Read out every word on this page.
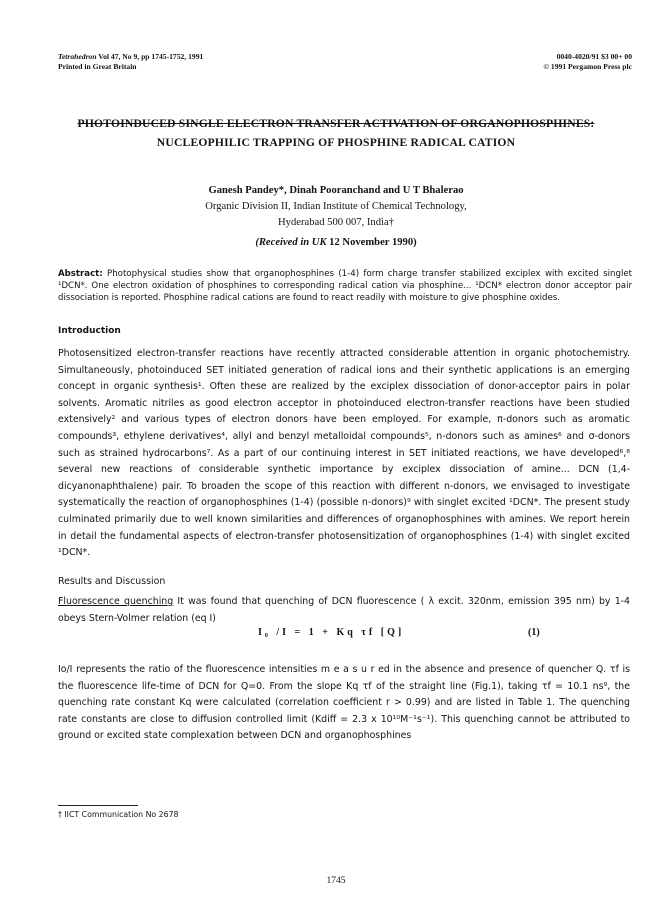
Tetrahedron Vol 47, No 9, pp 1745-1752, 1991
Printed in Great Britain
0040-4020/91 $3 00+ 00
© 1991 Pergamon Press plc
PHOTOINDUCED SINGLE ELECTRON TRANSFER ACTIVATION OF ORGANOPHOSPHINES:
NUCLEOPHILIC TRAPPING OF PHOSPHINE RADICAL CATION
Ganesh Pandey*, Dinah Pooranchand and U T Bhalerao
Organic Division II, Indian Institute of Chemical Technology,
Hyderabad 500 007, India†
(Received in UK 12 November 1990)
Abstract: Photophysical studies show that organophosphines (1-4) form charge transfer stabilized exciplex with excited singlet ¹DCN*. One electron oxidation of phosphines to corresponding radical cation via phosphine... ¹DCN* electron donor acceptor pair dissociation is reported. Phosphine radical cations are found to react readily with moisture to give phosphine oxides.
Introduction

Photosensitized electron-transfer reactions have recently attracted considerable attention in organic photochemistry. Simultaneously, photoinduced SET initiated generation of radical ions and their synthetic applications is an emerging concept in organic synthesis¹. Often these are realized by the exciplex dissociation of donor-acceptor pairs in polar solvents. Aromatic nitriles as good electron acceptor in photoinduced electron-transfer reactions have been studied extensively² and various types of electron donors have been employed. For example, π-donors such as aromatic compounds³, ethylene derivatives⁴, allyl and benzyl metalloidal compounds⁵, n-donors such as amines⁶ and σ-donors such as strained hydrocarbons⁷. As a part of our continuing interest in SET initiated reactions, we have developed⁶,⁸ several new reactions of considerable synthetic importance by exciplex dissociation of amine... DCN (1,4-dicyanonaphthalene) pair. To broaden the scope of this reaction with different n-donors, we envisaged to investigate systematically the reaction of organophosphines (1-4) (possible n-donors)⁹ with singlet excited ¹DCN*. The present study culminated primarily due to well known similarities and differences of organophosphines with amines. We report herein in detail the fundamental aspects of electron-transfer photosensitization of organophosphines (1-4) with singlet excited ¹DCN*.

Results and Discussion

Fluorescence quenching It was found that quenching of DCN fluorescence ( λ excit. 320nm, emission 395 nm) by 1-4 obeys Stern-Volmer relation (eq I)

I₀ /I = 1 + Kq τf [Q]	(1)

Io/I represents the ratio of the fluorescence intensities m e a s u r ed in the absence and presence of quencher Q. τf is the fluorescence life-time of DCN for Q=0. From the slope Kq τf of the straight line (Fig.1), taking τf = 10.1 ns⁹, the quenching rate constant Kq were calculated (correlation coefficient r > 0.99) and are listed in Table 1. The quenching rate constants are close to diffusion controlled limit (Kdiff = 2.3 x 10¹⁰M⁻¹s⁻¹). This quenching cannot be attributed to ground or excited state complexation between DCN and organophosphines

† IICT Communication No 2678
1745
